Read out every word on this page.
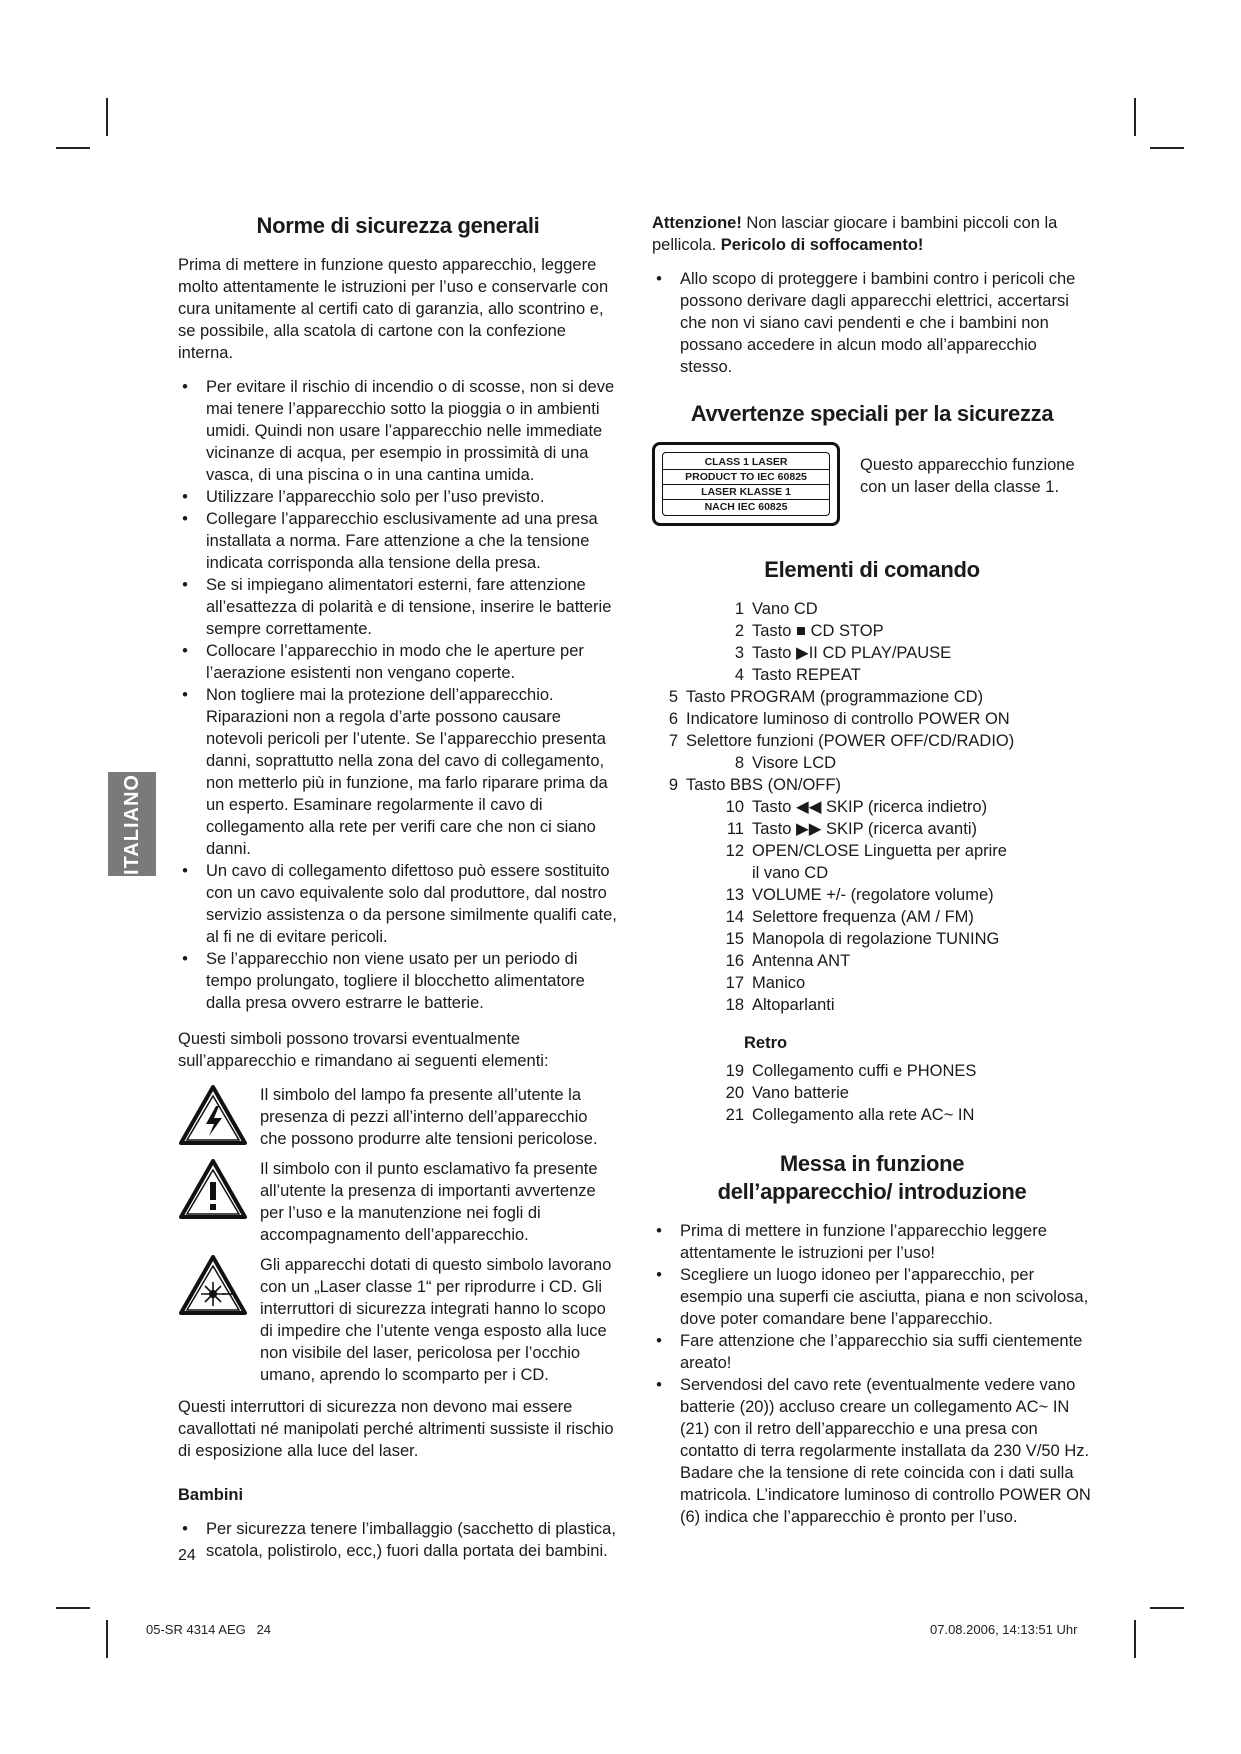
ITALIANO
Norme di sicurezza generali

Prima di mettere in funzione questo apparecchio, leggere molto attentamente le istruzioni per l’uso e conservarle con cura unitamente al certifi cato di garanzia, allo scontrino e, se possibile, alla scatola di cartone con la confezione interna.

• Per evitare il rischio di incendio o di scosse, non si deve mai tenere l’apparecchio sotto la pioggia o in ambienti umidi. Quindi non usare l’apparecchio nelle immediate vicinanze di acqua, per esempio in prossimità di una vasca, di una piscina o in una cantina umida.
• Utilizzare l’apparecchio solo per l’uso previsto.
• Collegare l’apparecchio esclusivamente ad una presa installata a norma. Fare attenzione a che la tensione indicata corrisponda alla tensione della presa.
• Se si impiegano alimentatori esterni, fare attenzione all’esattezza di polarità e di tensione, inserire le batterie sempre correttamente.
• Collocare l’apparecchio in modo che le aperture per l’aerazione esistenti non vengano coperte.
• Non togliere mai la protezione dell’apparecchio. Riparazioni non a regola d’arte possono causare notevoli pericoli per l’utente. Se l’apparecchio presenta danni, soprattutto nella zona del cavo di collegamento, non metterlo più in funzione, ma farlo riparare prima da un esperto. Esaminare regolarmente il cavo di collegamento alla rete per verifi care che non ci siano danni.
• Un cavo di collegamento difettoso può essere sostituito con un cavo equivalente solo dal produttore, dal nostro servizio assistenza o da persone similmente qualifi cate, al fi ne di evitare pericoli.
• Se l’apparecchio non viene usato per un periodo di tempo prolungato, togliere il blocchetto alimentatore dalla presa ovvero estrarre le batterie.

Questi simboli possono trovarsi eventualmente sull’apparecchio e rimandano ai seguenti elementi:

Il simbolo del lampo fa presente all’utente la presenza di pezzi all’interno dell’apparecchio che possono produrre alte tensioni pericolose.
Il simbolo con il punto esclamativo fa presente all’utente la presenza di importanti avvertenze per l’uso e la manutenzione nei fogli di accompagnamento dell’apparecchio.
Gli apparecchi dotati di questo simbolo lavorano con un „Laser classe 1“ per riprodurre i CD. Gli interruttori di sicurezza integrati hanno lo scopo di impedire che l’utente venga esposto alla luce non visibile del laser, pericolosa per l’occhio umano, aprendo lo scomparto per i CD.

Questi interruttori di sicurezza non devono mai essere cavallottati né manipolati perché altrimenti sussiste il rischio di esposizione alla luce del laser.

Bambini
• Per sicurezza tenere l’imballaggio (sacchetto di plastica, scatola, polistirolo, ecc,) fuori dalla portata dei bambini.

Attenzione! Non lasciar giocare i bambini piccoli con la pellicola. Pericolo di soffocamento!

• Allo scopo di proteggere i bambini contro i pericoli che possono derivare dagli apparecchi elettrici, accertarsi che non vi siano cavi pendenti e che i bambini non possano accedere in alcun modo all’apparecchio stesso.
Avvertenze speciali per la sicurezza
CLASS 1 LASER
PRODUCT TO IEC 60825
LASER KLASSE 1
NACH IEC 60825
Questo apparecchio funzione con un laser della classe 1.
Elementi di comando
1 Vano CD
2 Tasto ■ CD STOP
3 Tasto ▶II CD PLAY/PAUSE
4 Tasto REPEAT
5 Tasto PROGRAM (programmazione CD)
6 Indicatore luminoso di controllo POWER ON
7 Selettore funzioni (POWER OFF/CD/RADIO)
8 Visore LCD
9 Tasto BBS (ON/OFF)
10 Tasto ◀◀ SKIP (ricerca indietro)
11 Tasto ▶▶ SKIP (ricerca avanti)
12 OPEN/CLOSE Linguetta per aprire il vano CD
13 VOLUME +/- (regolatore volume)
14 Selettore frequenza (AM / FM)
15 Manopola di regolazione TUNING
16 Antenna ANT
17 Manico
18 Altoparlanti
Retro
19 Collegamento cuffi e PHONES
20 Vano batterie
21 Collegamento alla rete AC~ IN
Messa in funzione dell’apparecchio/ introduzione
• Prima di mettere in funzione l’apparecchio leggere attentamente le istruzioni per l’uso!
• Scegliere un luogo idoneo per l’apparecchio, per esempio una superfi cie asciutta, piana e non scivolosa, dove poter comandare bene l’apparecchio.
• Fare attenzione che l’apparecchio sia suffi cientemente areato!
• Servendosi del cavo rete (eventualmente vedere vano batterie (20)) accluso creare un collegamento AC~ IN (21) con il retro dell’apparecchio e una presa con contatto di terra regolarmente installata da 230 V/50 Hz. Badare che la tensione di rete coincida con i dati sulla matricola. L’indicatore luminoso di controllo POWER ON (6) indica che l’apparecchio è pronto per l’uso.
24
05-SR 4314 AEG   24	07.08.2006, 14:13:51 Uhr
